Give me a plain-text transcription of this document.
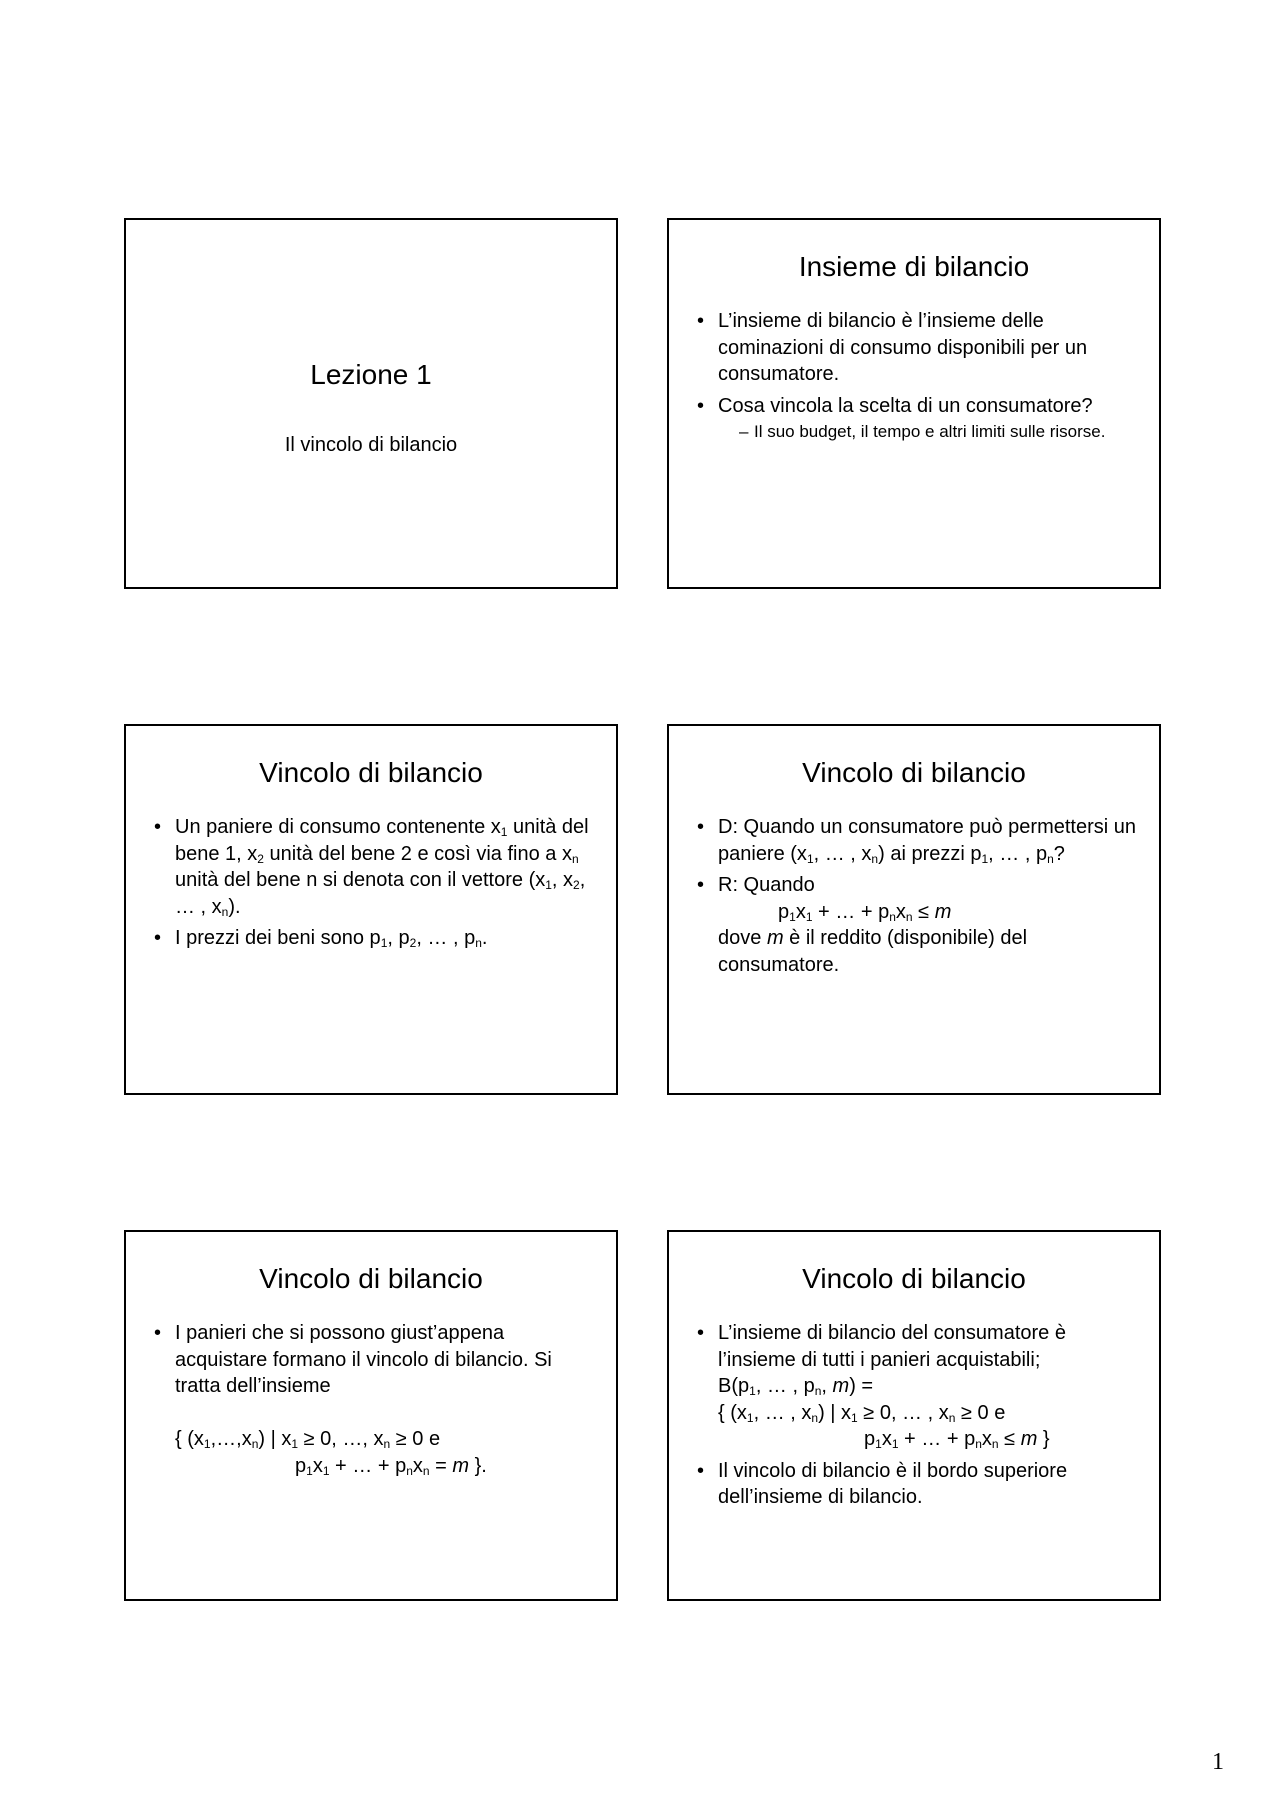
Lezione 1
Il vincolo di bilancio
Insieme di bilancio
• L’insieme di bilancio è l’insieme delle cominazioni di consumo disponibili per un consumatore.
• Cosa vincola la scelta di un consumatore?
– Il suo budget, il tempo e altri limiti sulle risorse.
Vincolo di bilancio
• Un paniere di consumo contenente $x_1$ unità del bene 1, $x_2$ unità del bene 2 e così via fino a $x_n$ unità del bene n si denota con il vettore ($x_1$, $x_2$, … , $x_n$).
• I prezzi dei beni sono $p_1$, $p_2$, … , $p_n$.
Vincolo di bilancio
• D: Quando un consumatore può permettersi un paniere ($x_1$, … , $x_n$) ai prezzi $p_1$, … , $p_n$?
• R: Quando
$p_1x_1$ + … + $p_nx_n \le m$
dove m è il reddito (disponibile) del consumatore.
Vincolo di bilancio
• I panieri che si possono giust’appena acquistare formano il vincolo di bilancio. Si tratta dell’insieme
{ $(x_1,\dots,x_n)$ | $x_1 \ge 0$, …, $x_n \ge 0$ e
$p_1x_1$ + … + $p_nx_n = m$ }.
Vincolo di bilancio
• L’insieme di bilancio del consumatore è l’insieme di tutti i panieri acquistabili;
$B(p_1$, … , $p_n$, m) =
{ ($x_1$, … , $x_n$) | $x_1 \ge 0$, … , $x_n \ge 0$ e
$p_1x_1$ + … + $p_nx_n \le m$ }
• Il vincolo di bilancio è il bordo superiore dell’insieme di bilancio.
1
